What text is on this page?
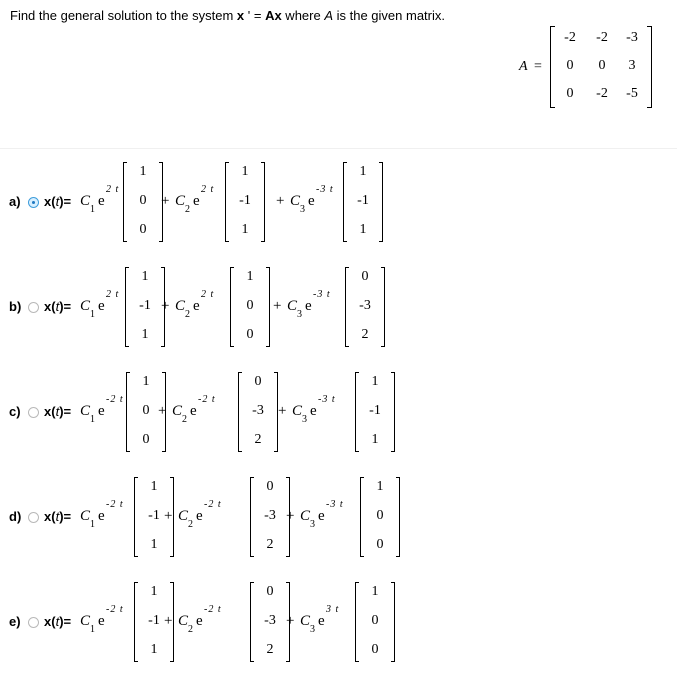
Find the general solution to the system x ' = Ax where A is the given matrix.
A =
-2	-2	-3
0	0	3
0	-2	-5
a) x(t)= C
1
e
2 t
1
0
0
+ C
2
e
2 t
1
-1
1
+ C
3
e
-3 t
1
-1
1
b) x(t)= C
1
e
2 t
1
-1
1
+ C
2
e
2 t
1
0
0
+ C
3
e
-3 t
0
-3
2
c) x(t)= C
1
e
-2 t
1
0
0
+ C
2
e
-2 t
0
-3
2
+ C
3
e
-3 t
1
-1
1
d) x(t)= C
1
e
-2 t
1
-1
1
+ C
2
e
-2 t
0
-3
2
+ C
3
e
-3 t
1
0
0
e) x(t)= C
1
e
-2 t
1
-1
1
+ C
2
e
-2 t
0
-3
2
+ C
3
e
3 t
1
0
0
